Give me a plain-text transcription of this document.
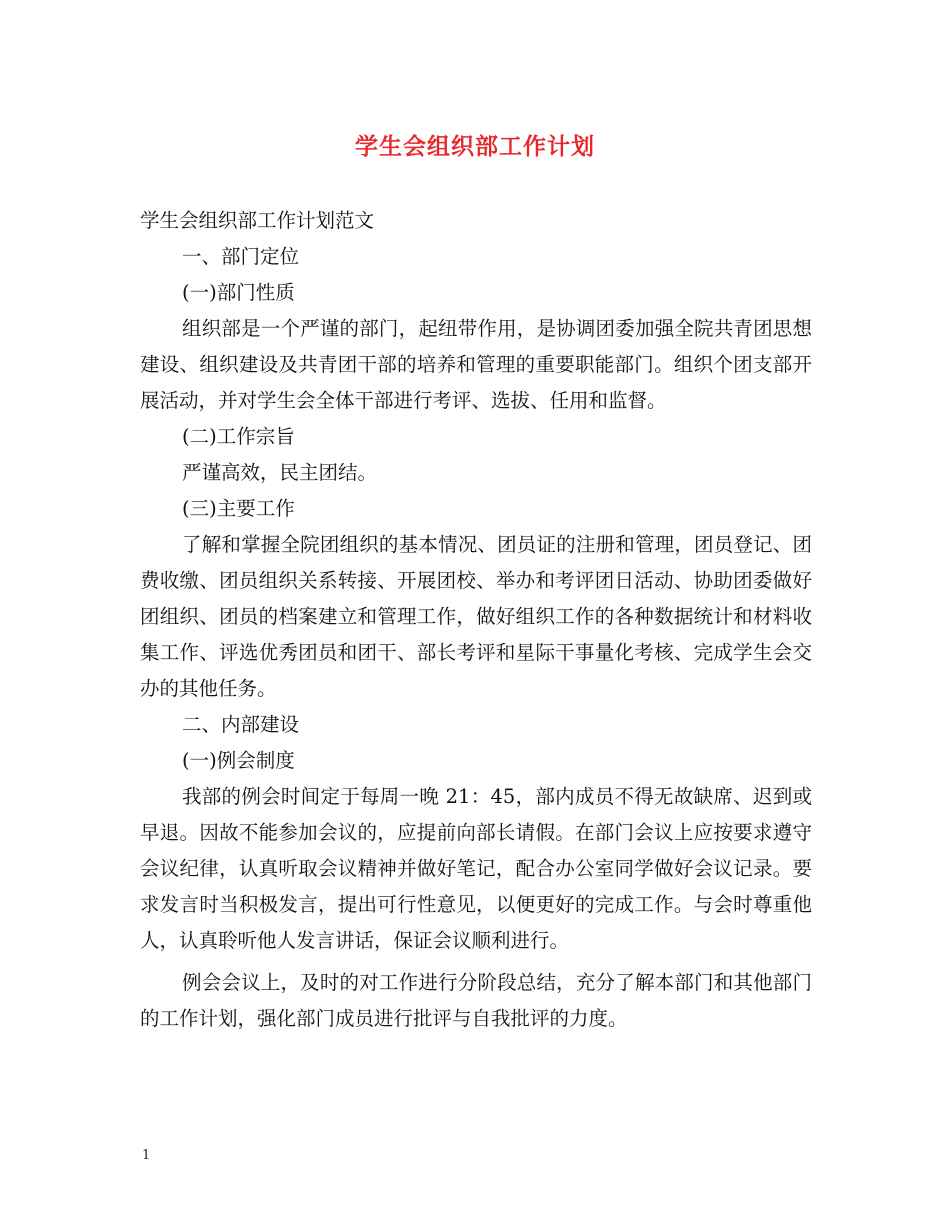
学生会组织部工作计划

学生会组织部工作计划范文

一、部门定位

(一)部门性质

组织部是一个严谨的部门，起纽带作用，是协调团委加强全院共青团思想建设、组织建设及共青团干部的培养和管理的重要职能部门。组织个团支部开展活动，并对学生会全体干部进行考评、选拔、任用和监督。

(二)工作宗旨

严谨高效，民主团结。

(三)主要工作

了解和掌握全院团组织的基本情况、团员证的注册和管理，团员登记、团费收缴、团员组织关系转接、开展团校、举办和考评团日活动、协助团委做好团组织、团员的档案建立和管理工作，做好组织工作的各种数据统计和材料收集工作、评选优秀团员和团干、部长考评和星际干事量化考核、完成学生会交办的其他任务。

二、内部建设

(一)例会制度

我部的例会时间定于每周一晚 21：45，部内成员不得无故缺席、迟到或早退。因故不能参加会议的，应提前向部长请假。在部门会议上应按要求遵守会议纪律，认真听取会议精神并做好笔记，配合办公室同学做好会议记录。要求发言时当积极发言，提出可行性意见，以便更好的完成工作。与会时尊重他人，认真聆听他人发言讲话，保证会议顺利进行。

例会会议上，及时的对工作进行分阶段总结，充分了解本部门和其他部门的工作计划，强化部门成员进行批评与自我批评的力度。

1
